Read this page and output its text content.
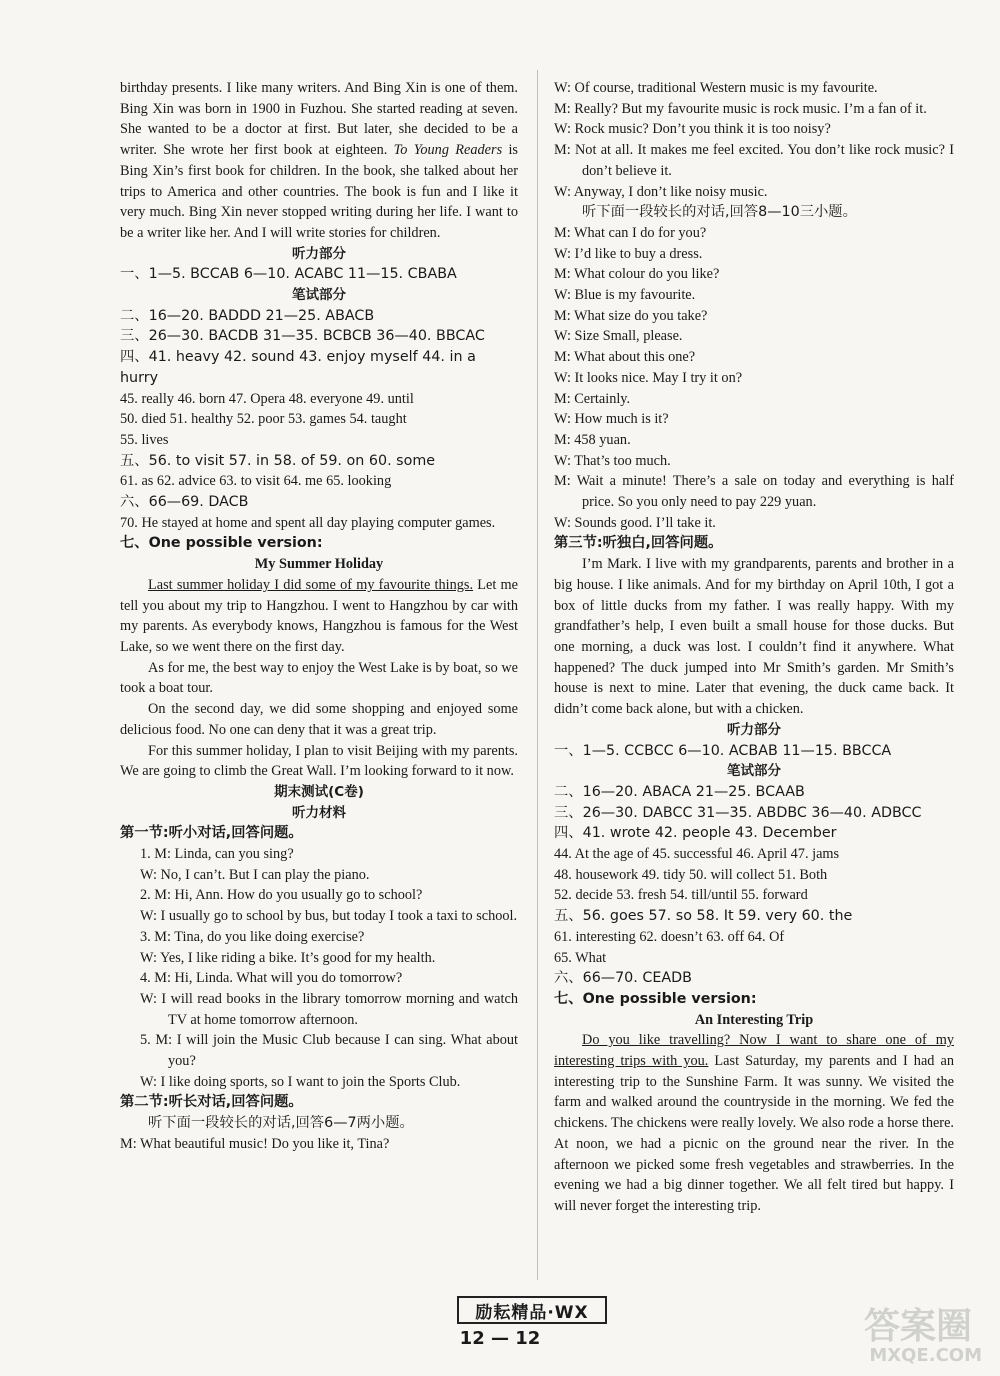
birthday presents. I like many writers. And Bing Xin is one of them. Bing Xin was born in 1900 in Fuzhou. She started reading at seven. She wanted to be a doctor at first. But later, she decided to be a writer. She wrote her first book at eighteen. To Young Readers is Bing Xin’s first book for children. In the book, she talked about her trips to America and other countries. The book is fun and I like it very much. Bing Xin never stopped writing during her life. I want to be a writer like her. And I will write stories for children.

听力部分

一、1—5. BCCAB 6—10. ACABC 11—15. CBABA

笔试部分

二、16—20. BADDD 21—25. ABACB

三、26—30. BACDB 31—35. BCBCB 36—40. BBCAC

四、41. heavy 42. sound 43. enjoy myself 44. in a hurry

45. really 46. born 47. Opera 48. everyone 49. until

50. died 51. healthy 52. poor 53. games 54. taught

55. lives

五、56. to visit 57. in 58. of 59. on 60. some

61. as 62. advice 63. to visit 64. me 65. looking

六、66—69. DACB

70. He stayed at home and spent all day playing computer games.

七、One possible version:

My Summer Holiday

Last summer holiday I did some of my favourite things. Let me tell you about my trip to Hangzhou. I went to Hangzhou by car with my parents. As everybody knows, Hangzhou is famous for the West Lake, so we went there on the first day.

As for me, the best way to enjoy the West Lake is by boat, so we took a boat tour.

On the second day, we did some shopping and enjoyed some delicious food. No one can deny that it was a great trip.

For this summer holiday, I plan to visit Beijing with my parents. We are going to climb the Great Wall. I’m looking forward to it now.

期末测试(C卷)

听力材料

第一节:听小对话,回答问题。

1. M: Linda, can you sing?

W: No, I can’t. But I can play the piano.

2. M: Hi, Ann. How do you usually go to school?

W: I usually go to school by bus, but today I took a taxi to school.

3. M: Tina, do you like doing exercise?

W: Yes, I like riding a bike. It’s good for my health.

4. M: Hi, Linda. What will you do tomorrow?

W: I will read books in the library tomorrow morning and watch TV at home tomorrow afternoon.

5. M: I will join the Music Club because I can sing. What about you?

W: I like doing sports, so I want to join the Sports Club.

第二节:听长对话,回答问题。

听下面一段较长的对话,回答6—7两小题。

M: What beautiful music! Do you like it, Tina?

W: Of course, traditional Western music is my favourite.

M: Really? But my favourite music is rock music. I’m a fan of it.

W: Rock music? Don’t you think it is too noisy?

M: Not at all. It makes me feel excited. You don’t like rock music? I don’t believe it.

W: Anyway, I don’t like noisy music.

听下面一段较长的对话,回答8—10三小题。

M: What can I do for you?

W: I’d like to buy a dress.

M: What colour do you like?

W: Blue is my favourite.

M: What size do you take?

W: Size Small, please.

M: What about this one?

W: It looks nice. May I try it on?

M: Certainly.

W: How much is it?

M: 458 yuan.

W: That’s too much.

M: Wait a minute! There’s a sale on today and everything is half price. So you only need to pay 229 yuan.

W: Sounds good. I’ll take it.

第三节:听独白,回答问题。

I’m Mark. I live with my grandparents, parents and brother in a big house. I like animals. And for my birthday on April 10th, I got a box of little ducks from my father. I was really happy. With my grandfather’s help, I even built a small house for those ducks. But one morning, a duck was lost. I couldn’t find it anywhere. What happened? The duck jumped into Mr Smith’s garden. Mr Smith’s house is next to mine. Later that evening, the duck came back. It didn’t come back alone, but with a chicken.

听力部分

一、1—5. CCBCC 6—10. ACBAB 11—15. BBCCA

笔试部分

二、16—20. ABACA 21—25. BCAAB

三、26—30. DABCC 31—35. ABDBC 36—40. ADBCC

四、41. wrote 42. people 43. December

44. At the age of 45. successful 46. April 47. jams

48. housework 49. tidy 50. will collect 51. Both

52. decide 53. fresh 54. till/until 55. forward

五、56. goes 57. so 58. It 59. very 60. the

61. interesting 62. doesn’t 63. off 64. Of

65. What

六、66—70. CEADB

七、One possible version:

An Interesting Trip

Do you like travelling? Now I want to share one of my interesting trips with you. Last Saturday, my parents and I had an interesting trip to the Sunshine Farm. It was sunny. We visited the farm and walked around the countryside in the morning. We fed the chickens. The chickens were really lovely. We also rode a horse there. At noon, we had a picnic on the ground near the river. In the afternoon we picked some fresh vegetables and strawberries. In the evening we had a big dinner together. We all felt tired but happy. I will never forget the interesting trip.

励耘精品·WX
12 — 12	答案圈
MXQE.COM
